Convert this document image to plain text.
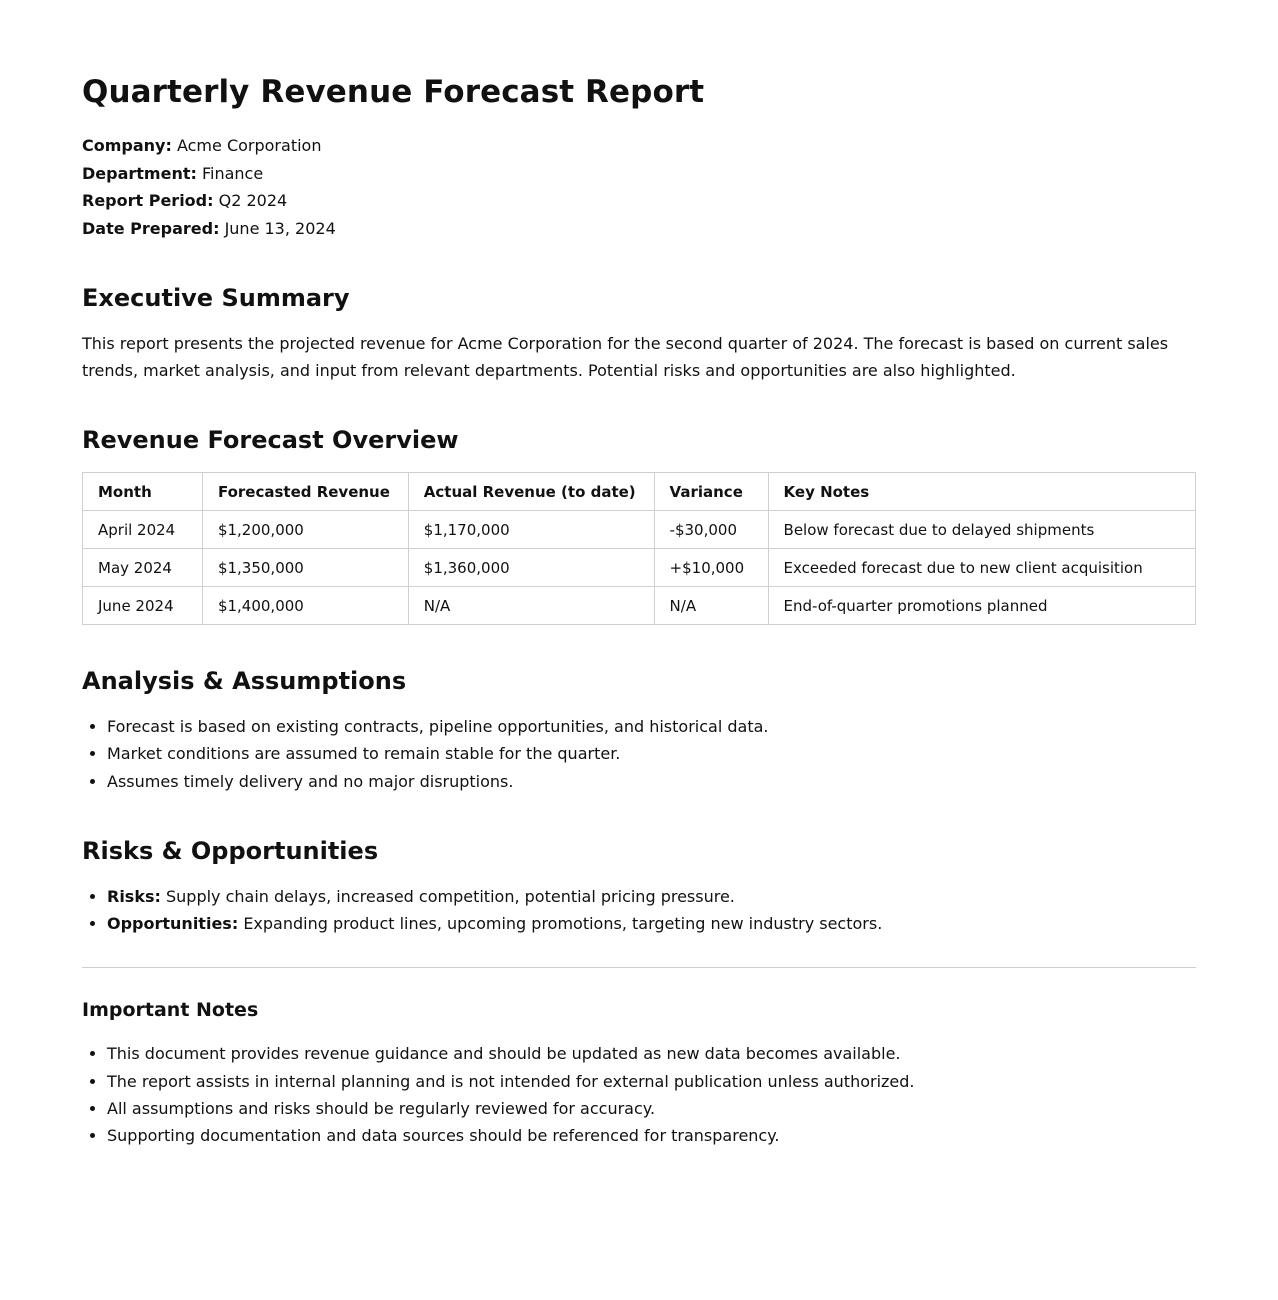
Quarterly Revenue Forecast Report
Company: Acme Corporation
Department: Finance
Report Period: Q2 2024
Date Prepared: June 13, 2024
Executive Summary

This report presents the projected revenue for Acme Corporation for the second quarter of 2024. The forecast is based on current sales trends, market analysis, and input from relevant departments. Potential risks and opportunities are also highlighted.

Revenue Forecast Overview
Month	Forecasted Revenue	Actual Revenue (to date)	Variance	Key Notes
April 2024	$1,200,000	$1,170,000	-$30,000	Below forecast due to delayed shipments
May 2024	$1,350,000	$1,360,000	+$10,000	Exceeded forecast due to new client acquisition
June 2024	$1,400,000	N/A	N/A	End-of-quarter promotions planned
Analysis & Assumptions
• Forecast is based on existing contracts, pipeline opportunities, and historical data.
• Market conditions are assumed to remain stable for the quarter.
• Assumes timely delivery and no major disruptions.
Risks & Opportunities
• Risks: Supply chain delays, increased competition, potential pricing pressure.
• Opportunities: Expanding product lines, upcoming promotions, targeting new industry sectors.
Important Notes
• This document provides revenue guidance and should be updated as new data becomes available.
• The report assists in internal planning and is not intended for external publication unless authorized.
• All assumptions and risks should be regularly reviewed for accuracy.
• Supporting documentation and data sources should be referenced for transparency.
